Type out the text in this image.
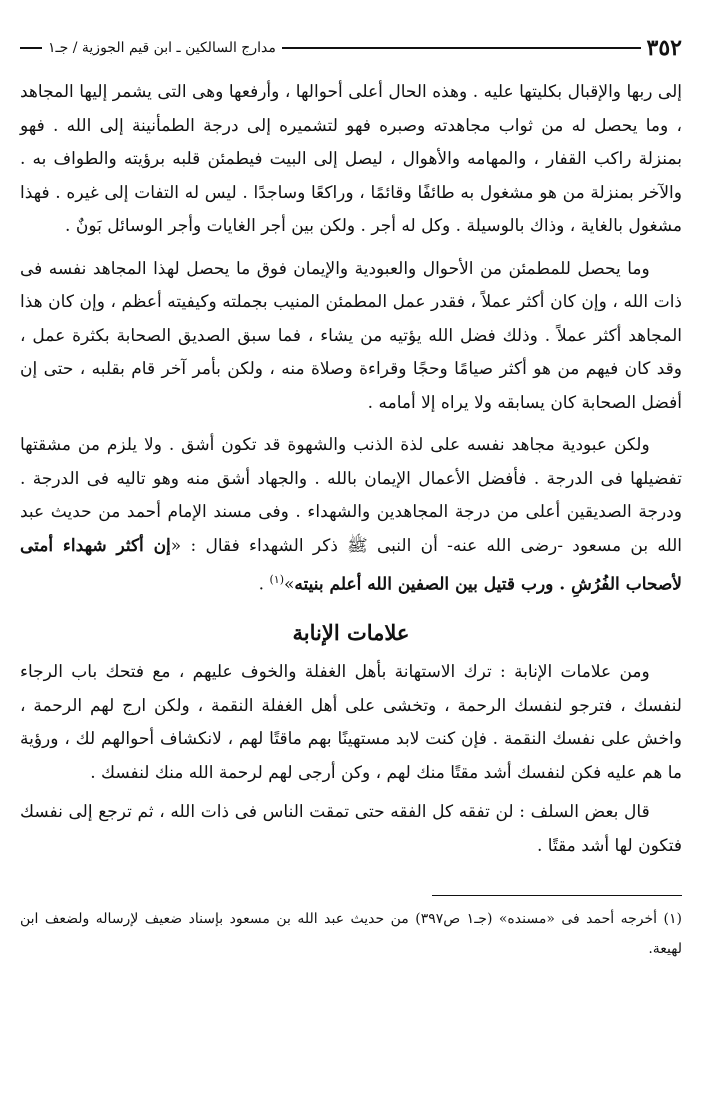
٣٥٢
مدارج السالكين ـ ابن قيم الجوزية / جـ١

إلى ربها والإقبال بكليتها عليه . وهذه الحال أعلى أحوالها ، وأرفعها وهى التى يشمر إليها المجاهد ، وما يحصل له من ثواب مجاهدته وصبره فهو لتشميره إلى درجة الطمأنينة إلى الله . فهو بمنزلة راكب القفار ، والمهامه والأهوال ، ليصل إلى البيت فيطمئن قلبه برؤيته والطواف به . والآخر بمنزلة من هو مشغول به طائفًا وقائمًا ، وراكعًا وساجدًا . ليس له التفات إلى غيره . فهذا مشغول بالغاية ، وذاك بالوسيلة . وكل له أجر . ولكن بين أجر الغايات وأجر الوسائل بَونٌ .

وما يحصل للمطمئن من الأحوال والعبودية والإيمان فوق ما يحصل لهذا المجاهد نفسه فى ذات الله ، وإن كان أكثر عملاً ، فقدر عمل المطمئن المنيب بجملته وكيفيته أعظم ، وإن كان هذا المجاهد أكثر عملاً . وذلك فضل الله يؤتيه من يشاء ، فما سبق الصديق الصحابة بكثرة عمل ، وقد كان فيهم من هو أكثر صيامًا وحجًا وقراءة وصلاة منه ، ولكن بأمر آخر قام بقلبه ، حتى إن أفضل الصحابة كان يسابقه ولا يراه إلا أمامه .

ولكن عبودية مجاهد نفسه على لذة الذنب والشهوة قد تكون أشق . ولا يلزم من مشقتها تفضيلها فى الدرجة . فأفضل الأعمال الإيمان بالله . والجهاد أشق منه وهو تاليه فى الدرجة . ودرجة الصديقين أعلى من درجة المجاهدين والشهداء . وفى مسند الإمام أحمد من حديث عبد الله بن مسعود -رضى الله عنه- أن النبى ﷺ ذكر الشهداء فقال : «إن أكثر شهداء أمتى لأصحاب الفُرُشِ . ورب قتيل بين الصفين الله أعلم بنيته»$^{(١)}$ .

علامات الإنابة

ومن علامات الإنابة : ترك الاستهانة بأهل الغفلة والخوف عليهم ، مع فتحك باب الرجاء لنفسك ، فترجو لنفسك الرحمة ، وتخشى على أهل الغفلة النقمة ، ولكن ارج لهم الرحمة ، واخش على نفسك النقمة . فإن كنت لابد مستهينًا بهم ماقتًا لهم ، لانكشاف أحوالهم لك ، ورؤية ما هم عليه فكن لنفسك أشد مقتًا منك لهم ، وكن أرجى لهم لرحمة الله منك لنفسك .

قال بعض السلف : لن تفقه كل الفقه حتى تمقت الناس فى ذات الله ، ثم ترجع إلى نفسك فتكون لها أشد مقتًا .

(١) أخرجه أحمد فى «مسنده» (جـ١ ص٣٩٧) من حديث عبد الله بن مسعود بإسناد ضعيف لإرساله ولضعف ابن لهيعة.
